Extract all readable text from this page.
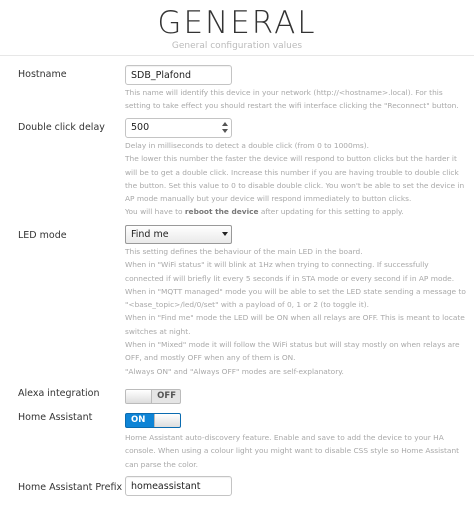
GENERAL
General configuration values
Hostname
SDB_Plafond

This name will identify this device in your network (http://<hostname>.local). For this

setting to take effect you should restart the wifi interface clicking the "Reconnect" button.

Double click delay	500

Delay in milliseconds to detect a double click (from 0 to 1000ms).

The lower this number the faster the device will respond to button clicks but the harder it

will be to get a double click. Increase this number if you are having trouble to double click

the button. Set this value to 0 to disable double click. You won't be able to set the device in

AP mode manually but your device will respond immediately to button clicks.

You will have to reboot the device after updating for this setting to apply.

LED mode	Find me

This setting defines the behaviour of the main LED in the board.

When in "WiFi status" it will blink at 1Hz when trying to connecting. If successfully

connected if will briefly lit every 5 seconds if in STA mode or every second if in AP mode.

When in "MQTT managed" mode you will be able to set the LED state sending a message to

"<base_topic>/led/0/set" with a payload of 0, 1 or 2 (to toggle it).

When in "Find me" mode the LED will be ON when all relays are OFF. This is meant to locate

switches at night.

When in "Mixed" mode it will follow the WiFi status but will stay mostly on when relays are

OFF, and mostly OFF when any of them is ON.

"Always ON" and "Always OFF" modes are self-explanatory.

Alexa integration	OFF
Home Assistant	ON

Home Assistant auto-discovery feature. Enable and save to add the device to your HA

console. When using a colour light you might want to disable CSS style so Home Assistant

can parse the color.

Home Assistant Prefix
homeassistant
